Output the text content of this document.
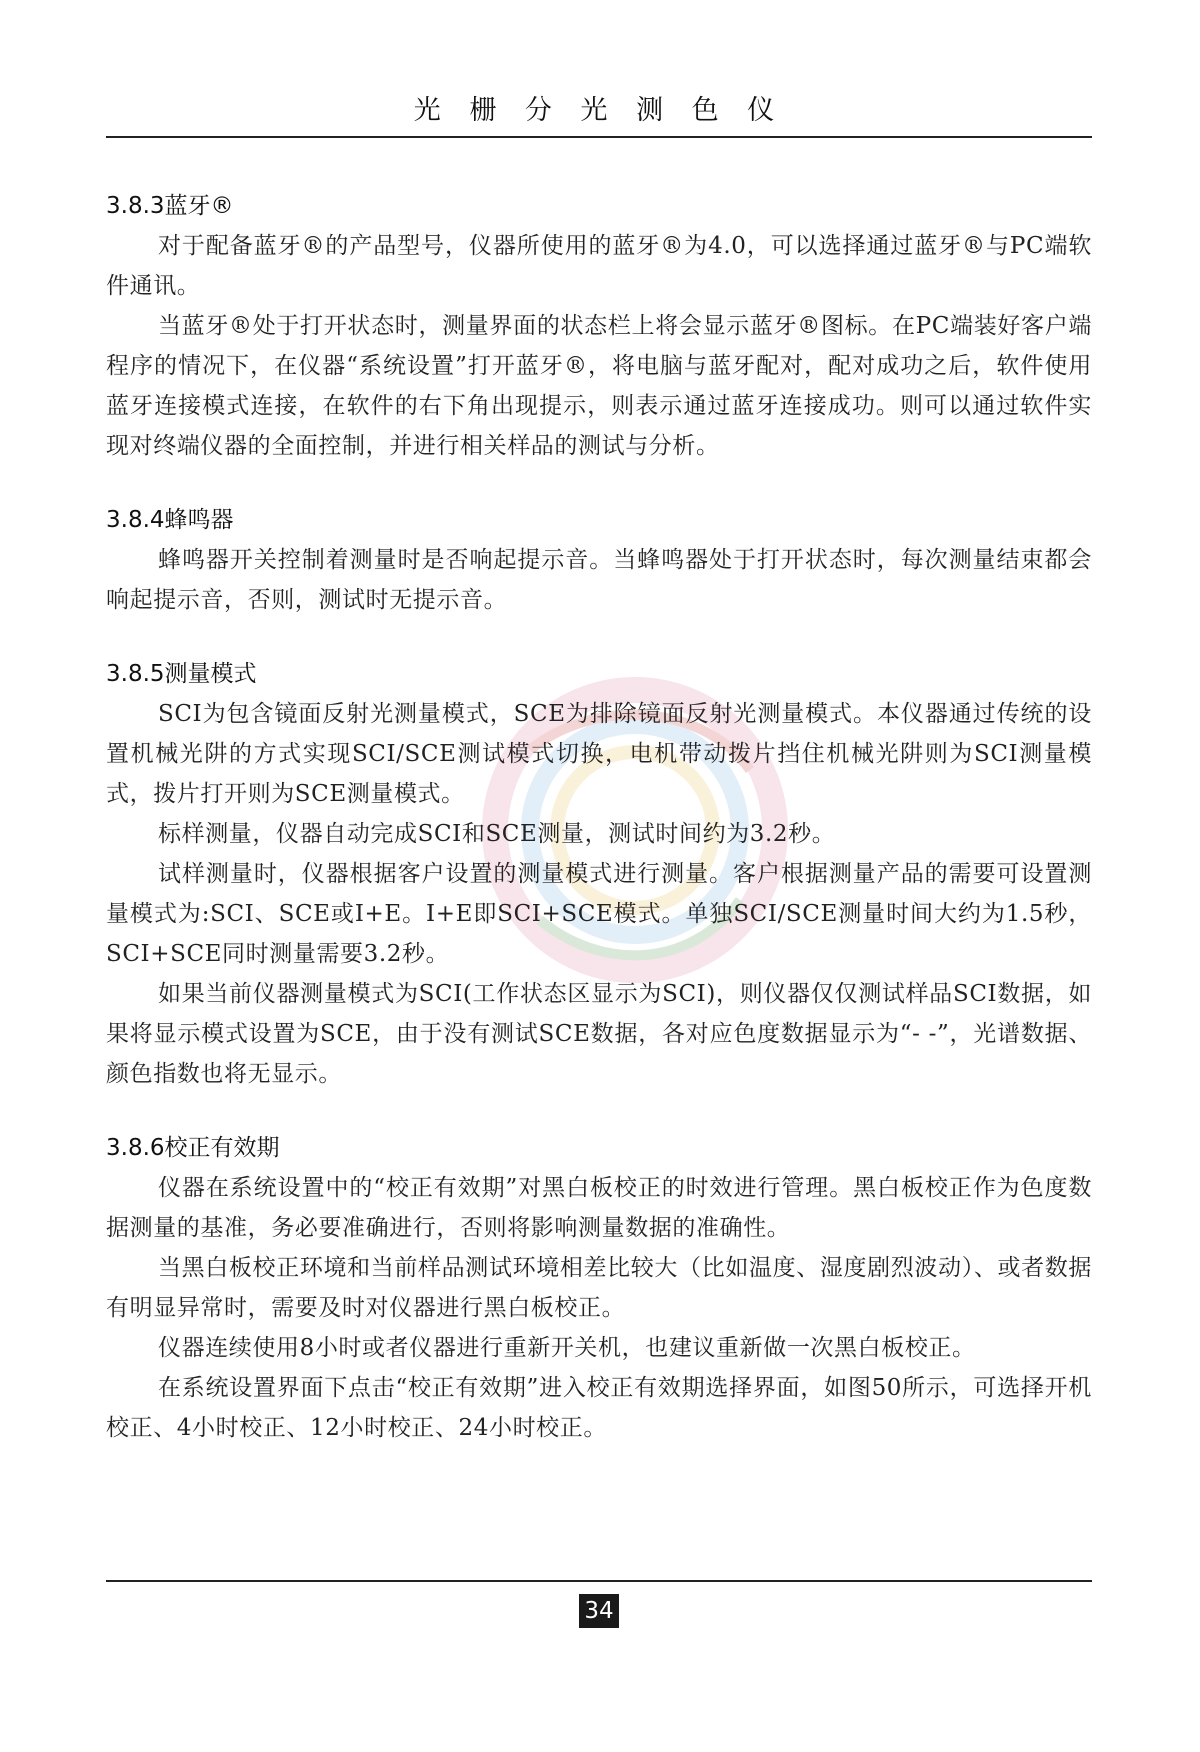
光 栅 分 光 测 色 仪
3.8.3蓝牙®

对于配备蓝牙®的产品型号，仪器所使用的蓝牙®为4.0，可以选择通过蓝牙®与PC端软件通讯。

当蓝牙®处于打开状态时，测量界面的状态栏上将会显示蓝牙®图标。在PC端装好客户端程序的情况下，在仪器“系统设置”打开蓝牙®，将电脑与蓝牙配对，配对成功之后，软件使用蓝牙连接模式连接，在软件的右下角出现提示，则表示通过蓝牙连接成功。则可以通过软件实现对终端仪器的全面控制，并进行相关样品的测试与分析。

3.8.4蜂鸣器

蜂鸣器开关控制着测量时是否响起提示音。当蜂鸣器处于打开状态时，每次测量结束都会响起提示音，否则，测试时无提示音。

3.8.5测量模式

SCI为包含镜面反射光测量模式，SCE为排除镜面反射光测量模式。本仪器通过传统的设置机械光阱的方式实现SCI/SCE测试模式切换，电机带动拨片挡住机械光阱则为SCI测量模式，拨片打开则为SCE测量模式。

标样测量，仪器自动完成SCI和SCE测量，测试时间约为3.2秒。

试样测量时，仪器根据客户设置的测量模式进行测量。客户根据测量产品的需要可设置测量模式为:SCI、SCE或I+E。I+E即SCI+SCE模式。单独SCI/SCE测量时间大约为1.5秒，SCI+SCE同时测量需要3.2秒。

如果当前仪器测量模式为SCI(工作状态区显示为SCI)，则仪器仅仅测试样品SCI数据，如果将显示模式设置为SCE，由于没有测试SCE数据，各对应色度数据显示为“- -”，光谱数据、颜色指数也将无显示。

3.8.6校正有效期

仪器在系统设置中的“校正有效期”对黑白板校正的时效进行管理。黑白板校正作为色度数据测量的基准，务必要准确进行，否则将影响测量数据的准确性。

当黑白板校正环境和当前样品测试环境相差比较大（比如温度、湿度剧烈波动）、或者数据有明显异常时，需要及时对仪器进行黑白板校正。

仪器连续使用8小时或者仪器进行重新开关机，也建议重新做一次黑白板校正。

在系统设置界面下点击“校正有效期”进入校正有效期选择界面，如图50所示，可选择开机校正、4小时校正、12小时校正、24小时校正。

34
